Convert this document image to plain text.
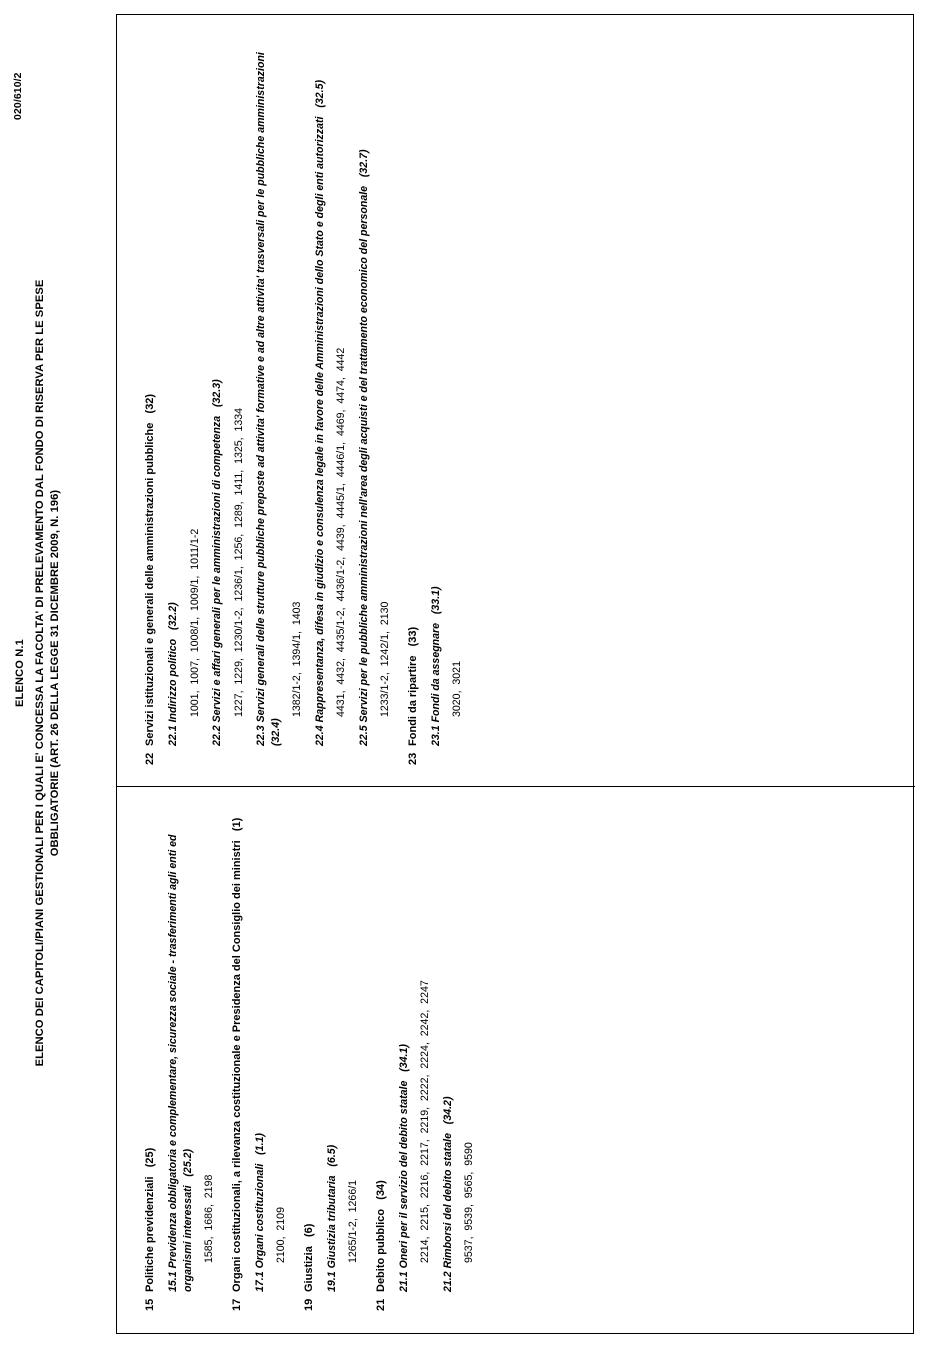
020/610/2
ELENCO N.1 ELENCO DEI CAPITOLI/PIANI GESTIONALI PER I QUALI E' CONCESSA LA FACOLTA' DI PRELEVAMENTO DAL FONDO DI RISERVA PER LE SPESE OBBLIGATORIE (ART. 26 DELLA LEGGE 31 DICEMBRE 2009, N. 196)
15Politiche previdenziali   (25)
15.1 Previdenza obbligatoria e complementare, sicurezza sociale - trasferimenti agli enti ed organismi interessati   (25.2)
1585,  1686,  2198
17Organi costituzionali, a rilevanza costituzionale e Presidenza del Consiglio dei ministri   (1)
17.1 Organi costituzionali   (1.1)
2100,  2109
19Giustizia   (6)
19.1 Giustizia tributaria   (6.5)
1265/1-2,  1266/1
21Debito pubblico   (34)
21.1 Oneri per il servizio del debito statale   (34.1) 2214,  2215,  2216,  2217,  2219,  2222,  2224,  2242,  2247
21.2 Rimborsi del debito statale   (34.2)
9537,  9539,  9565,  9590
22Servizi istituzionali e generali delle amministrazioni pubbliche   (32)
22.1 Indirizzo politico   (32.2) 1001,  1007,  1008/1,  1009/1,  1011/1-2
22.2 Servizi e affari generali per le amministrazioni di competenza   (32.3)
1227,  1229,  1230/1-2,  1236/1,  1256,  1289,  1411,  1325,  1334
22.3 Servizi generali delle strutture pubbliche preposte ad attivita' formative e ad altre attivita' trasversali per le pubbliche amministrazioni   (32.4)
1382/1-2,  1394/1,  1403
22.4 Rappresentanza, difesa in giudizio e consulenza legale in favore delle Amministrazioni dello Stato e degli enti autorizzati   (32.5)
4431,  4432,  4435/1-2,  4436/1-2,  4439,  4445/1,  4446/1,  4469,  4474,  4442
22.5 Servizi per le pubbliche amministrazioni nell'area degli acquisti e del trattamento economico del personale   (32.7)
1233/1-2,  1242/1,  2130
23Fondi da ripartire   (33)
23.1 Fondi da assegnare   (33.1)
3020,  3021
